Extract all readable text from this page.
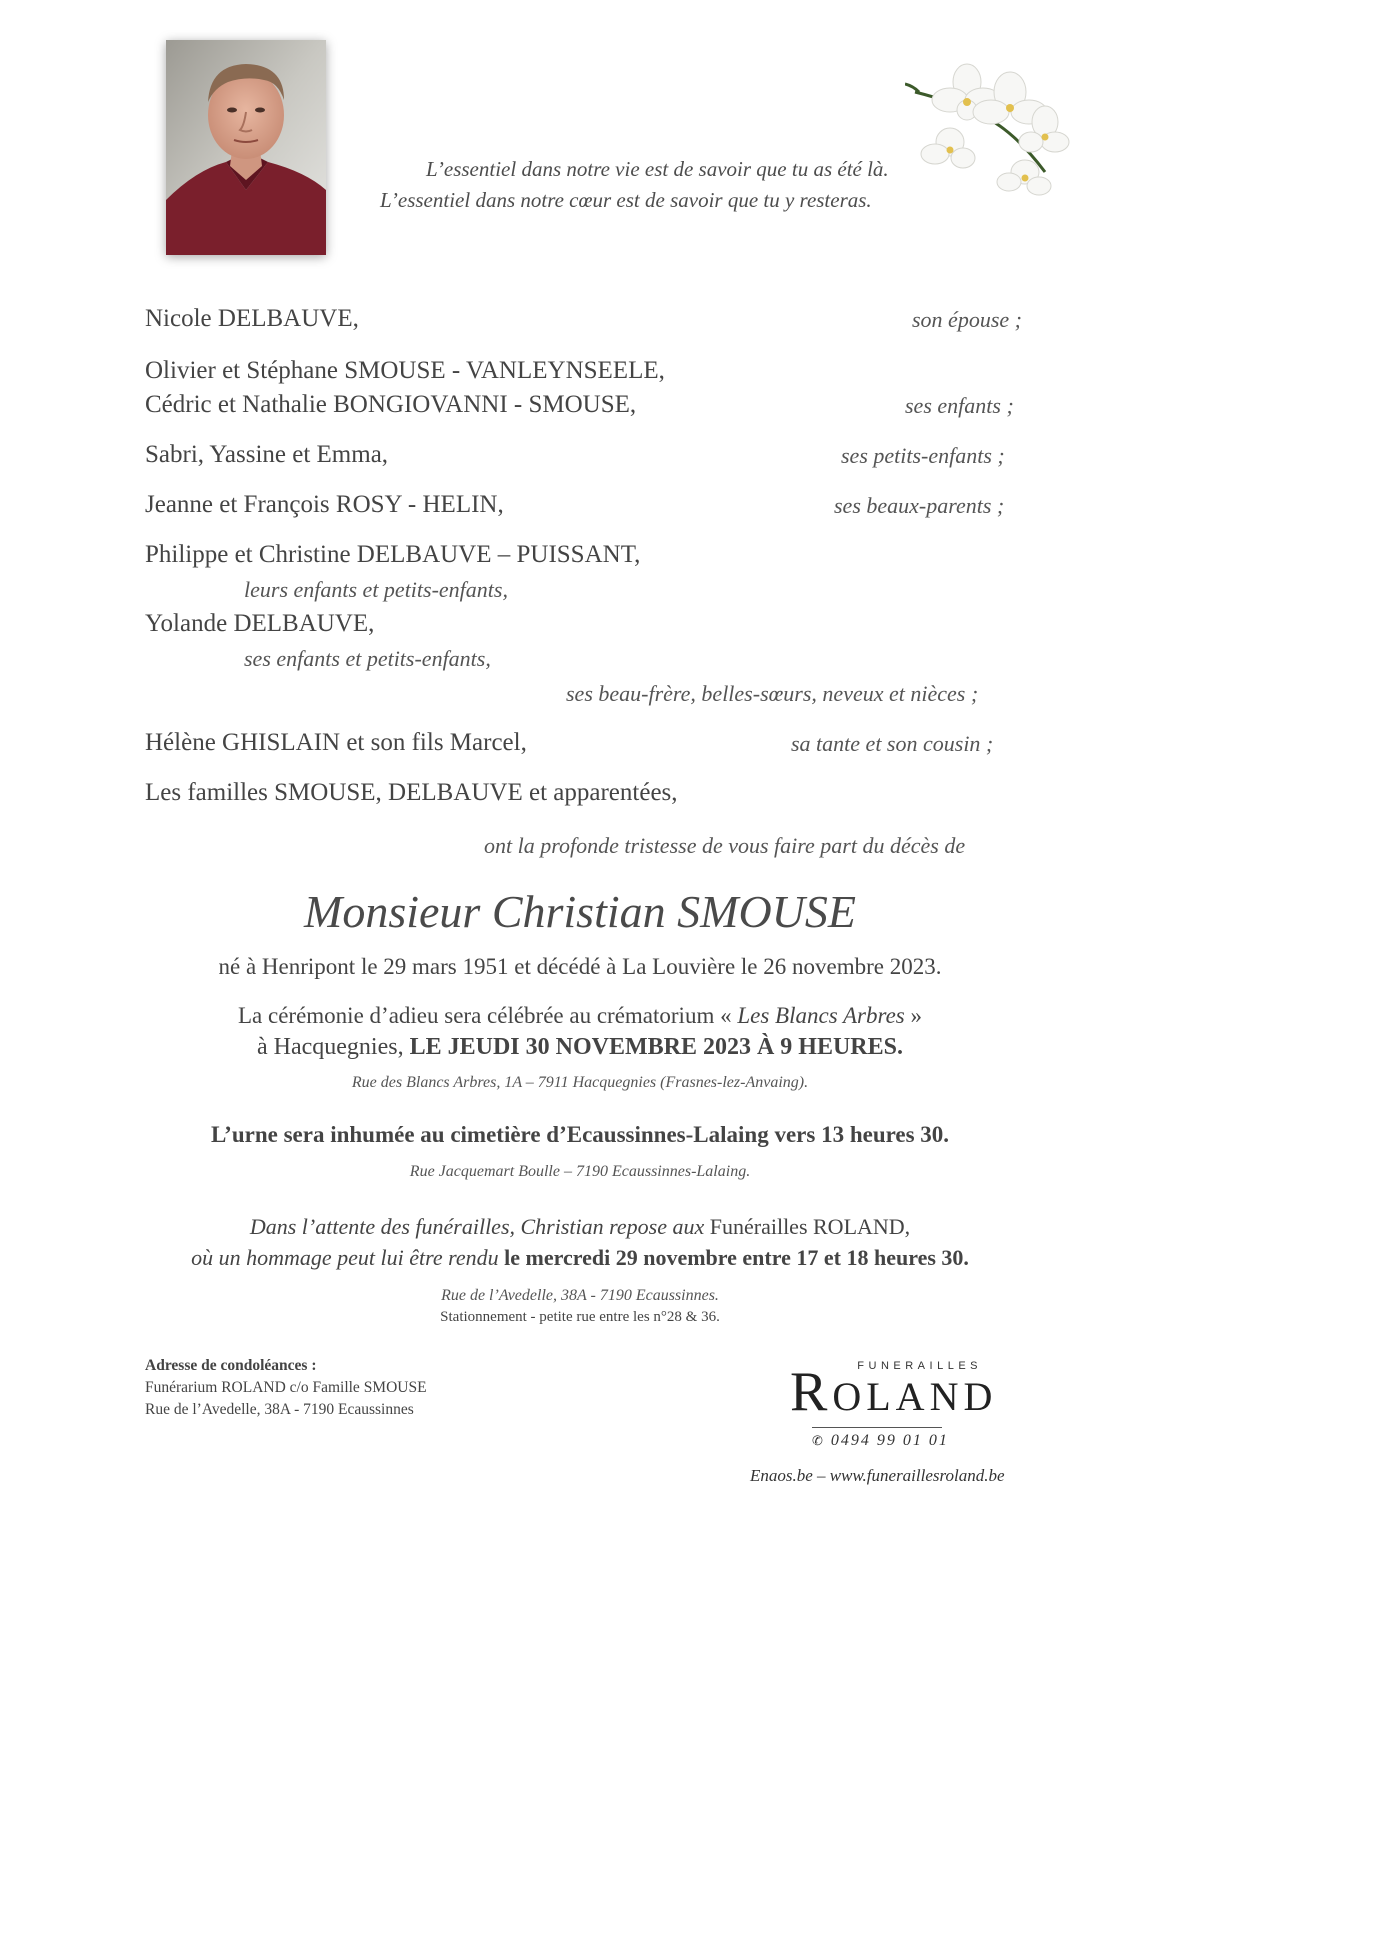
L’essentiel dans notre vie est de savoir que tu as été là.
L’essentiel dans notre cœur est de savoir que tu y resteras.
Nicole DELBAUVE,	son épouse ;
Olivier et Stéphane SMOUSE - VANLEYNSEELE,
Cédric et Nathalie BONGIOVANNI - SMOUSE,	ses enfants ;
Sabri, Yassine et Emma,	ses petits-enfants ;
Jeanne et François ROSY - HELIN,	ses beaux-parents ;
Philippe et Christine DELBAUVE – PUISSANT,
leurs enfants et petits-enfants,
Yolande DELBAUVE,
ses enfants et petits-enfants,
ses beau-frère, belles-sœurs, neveux et nièces ;
Hélène GHISLAIN et son fils Marcel,	sa tante et son cousin ;
Les familles SMOUSE, DELBAUVE et apparentées,
ont la profonde tristesse de vous faire part du décès de
Monsieur Christian SMOUSE
né à Henripont le 29 mars 1951 et décédé à La Louvière le 26 novembre 2023.
La cérémonie d’adieu sera célébrée au crématorium « Les Blancs Arbres »
à Hacquegnies, LE JEUDI 30 NOVEMBRE 2023 À 9 HEURES.
Rue des Blancs Arbres, 1A – 7911 Hacquegnies (Frasnes-lez-Anvaing).
L’urne sera inhumée au cimetière d’Ecaussinnes-Lalaing vers 13 heures 30.
Rue Jacquemart Boulle – 7190 Ecaussinnes-Lalaing.
Dans l’attente des funérailles, Christian repose aux Funérailles ROLAND,
où un hommage peut lui être rendu le mercredi 29 novembre entre 17 et 18 heures 30.
Rue de l’Avedelle, 38A - 7190 Ecaussinnes.
Stationnement - petite rue entre les n°28 & 36.
Adresse de condoléances :
Funérarium ROLAND c/o Famille SMOUSE
Rue de l’Avedelle, 38A - 7190 Ecaussinnes
FUNERAILLES
ROLAND
✆ 0494 99 01 01
Enaos.be – www.funeraillesroland.be
